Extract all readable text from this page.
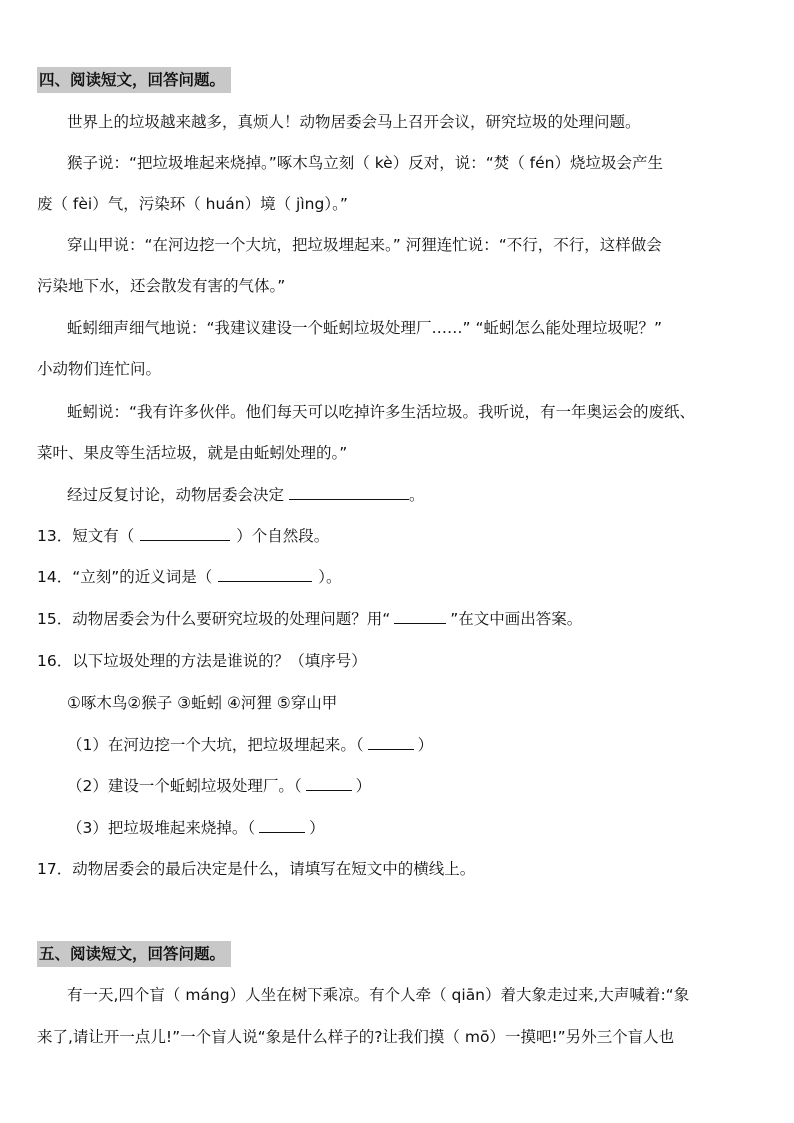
四、阅读短文，回答问题。
世界上的垃圾越来越多，真烦人！动物居委会马上召开会议，研究垃圾的处理问题。
猴子说：“把垃圾堆起来烧掉。”啄木鸟立刻（ kè）反对，说：“焚（ fén）烧垃圾会产生
废（ fèi）气，污染环（ huán）境（ jìng）。”
穿山甲说：“在河边挖一个大坑，把垃圾埋起来。” 河狸连忙说：“不行，不行，这样做会
污染地下水，还会散发有害的气体。”
蚯蚓细声细气地说：“我建议建设一个蚯蚓垃圾处理厂……” “蚯蚓怎么能处理垃圾呢？”
小动物们连忙问。
蚯蚓说：“我有许多伙伴。他们每天可以吃掉许多生活垃圾。我听说，有一年奥运会的废纸、
菜叶、果皮等生活垃圾，就是由蚯蚓处理的。”
经过反复讨论，动物居委会决定	。
13．短文有（	）个自然段。
14．“立刻”的近义词是（	）。
15．动物居委会为什么要研究垃圾的处理问题？用“	”在文中画出答案。
16．以下垃圾处理的方法是谁说的？（填序号）
①啄木鸟②猴子 ③蚯蚓 ④河狸 ⑤穿山甲
（1）在河边挖一个大坑，把垃圾埋起来。（	）
（2）建设一个蚯蚓垃圾处理厂。（	）
（3）把垃圾堆起来烧掉。（	）
17．动物居委会的最后决定是什么，请填写在短文中的横线上。
五、阅读短文，回答问题。
有一天,四个盲（ máng）人坐在树下乘凉。有个人牵（ qiān）着大象走过来,大声喊着:“象
来了,请让开一点儿!”一个盲人说“象是什么样子的?让我们摸（ mō）一摸吧!”另外三个盲人也
